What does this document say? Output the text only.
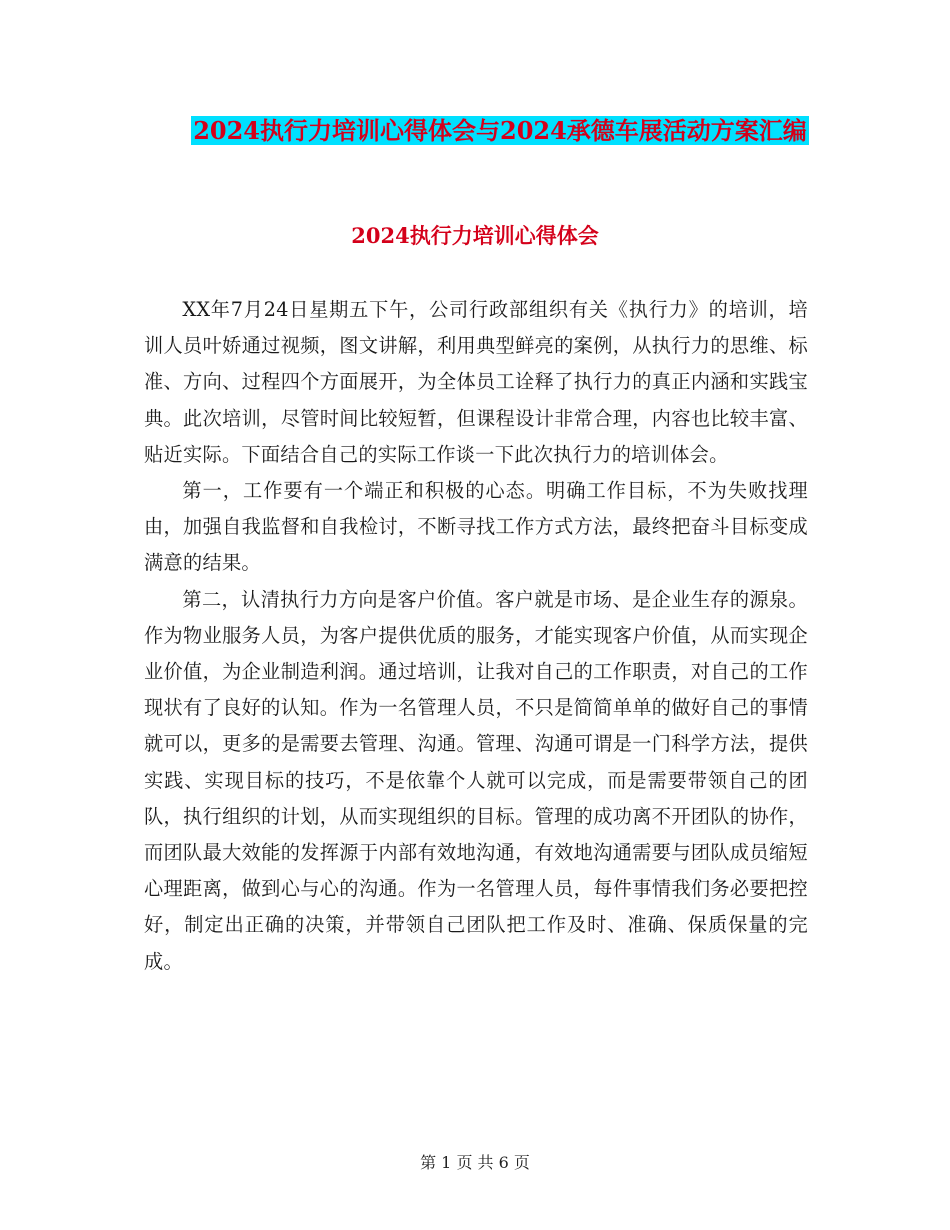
2024执行力培训心得体会与2024承德车展活动方案汇编
2024执行力培训心得体会

XX年7月24日星期五下午，公司行政部组织有关《执行力》的培训，培训人员叶娇通过视频，图文讲解，利用典型鲜亮的案例，从执行力的思维、标准、方向、过程四个方面展开，为全体员工诠释了执行力的真正内涵和实践宝典。此次培训，尽管时间比较短暂，但课程设计非常合理，内容也比较丰富、贴近实际。下面结合自己的实际工作谈一下此次执行力的培训体会。

第一，工作要有一个端正和积极的心态。明确工作目标，不为失败找理由，加强自我监督和自我检讨，不断寻找工作方式方法，最终把奋斗目标变成满意的结果。

第二，认清执行力方向是客户价值。客户就是市场、是企业生存的源泉。作为物业服务人员，为客户提供优质的服务，才能实现客户价值，从而实现企业价值，为企业制造利润。通过培训，让我对自己的工作职责，对自己的工作现状有了良好的认知。作为一名管理人员，不只是简简单单的做好自己的事情就可以，更多的是需要去管理、沟通。管理、沟通可谓是一门科学方法，提供实践、实现目标的技巧，不是依靠个人就可以完成，而是需要带领自己的团队，执行组织的计划，从而实现组织的目标。管理的成功离不开团队的协作，而团队最大效能的发挥源于内部有效地沟通，有效地沟通需要与团队成员缩短心理距离，做到心与心的沟通。作为一名管理人员，每件事情我们务必要把控好，制定出正确的决策，并带领自己团队把工作及时、准确、保质保量的完成。

第 1 页 共 6 页
